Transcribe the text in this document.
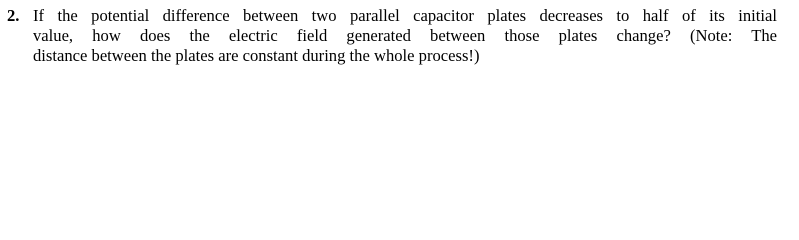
2. If the potential difference between two parallel capacitor plates decreases to half of its initial
value, how does the electric field generated between those plates change? (Note: The
distance between the plates are constant during the whole process!)
